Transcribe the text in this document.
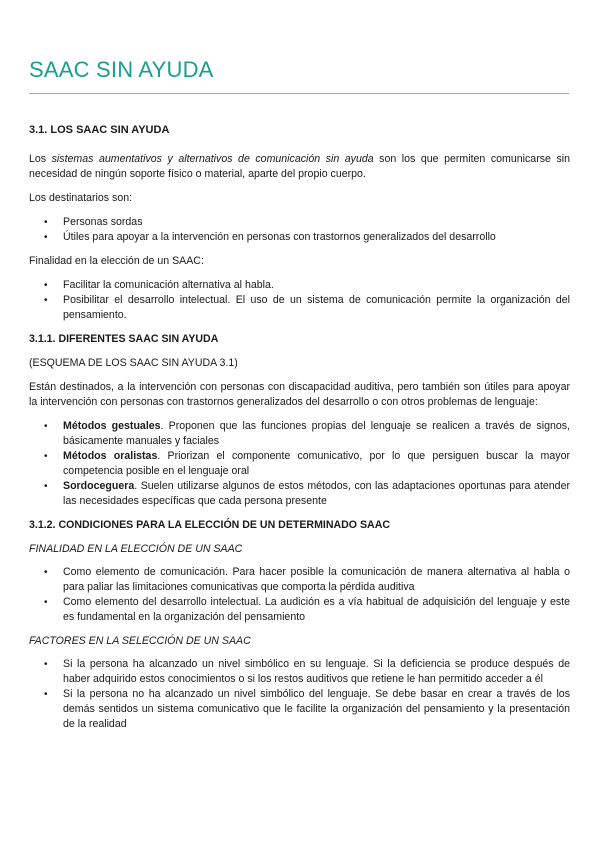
SAAC SIN AYUDA
3.1. LOS SAAC SIN AYUDA

Los sistemas aumentativos y alternativos de comunicación sin ayuda son los que permiten comunicarse sin necesidad de ningún soporte físico o material, aparte del propio cuerpo.

Los destinatarios son:

• Personas sordas
• Útiles para apoyar a la intervención en personas con trastornos generalizados del desarrollo

Finalidad en la elección de un SAAC:

• Facilitar la comunicación alternativa al habla.
• Posibilitar el desarrollo intelectual. El uso de un sistema de comunicación permite la organización del pensamiento.
3.1.1. DIFERENTES SAAC SIN AYUDA

(ESQUEMA DE LOS SAAC SIN AYUDA 3.1)

Están destinados, a la intervención con personas con discapacidad auditiva, pero también son útiles para apoyar la intervención con personas con trastornos generalizados del desarrollo o con otros problemas de lenguaje:

• Métodos gestuales. Proponen que las funciones propias del lenguaje se realicen a través de signos, básicamente manuales y faciales
• Métodos oralistas. Priorizan el componente comunicativo, por lo que persiguen buscar la mayor competencia posible en el lenguaje oral
• Sordoceguera. Suelen utilizarse algunos de estos métodos, con las adaptaciones oportunas para atender las necesidades específicas que cada persona presente
3.1.2. CONDICIONES PARA LA ELECCIÓN DE UN DETERMINADO SAAC

FINALIDAD EN LA ELECCIÓN DE UN SAAC

• Como elemento de comunicación. Para hacer posible la comunicación de manera alternativa al habla o para paliar las limitaciones comunicativas que comporta la pérdida auditiva
• Como elemento del desarrollo intelectual. La audición es a vía habitual de adquisición del lenguaje y este es fundamental en la organización del pensamiento

FACTORES EN LA SELECCIÓN DE UN SAAC

• Si la persona ha alcanzado un nivel simbólico en su lenguaje. Si la deficiencia se produce después de haber adquirido estos conocimientos o si los restos auditivos que retiene le han permitido acceder a él
• Si la persona no ha alcanzado un nivel simbólico del lenguaje. Se debe basar en crear a través de los demás sentidos un sistema comunicativo que le facilite la organización del pensamiento y la presentación de la realidad
